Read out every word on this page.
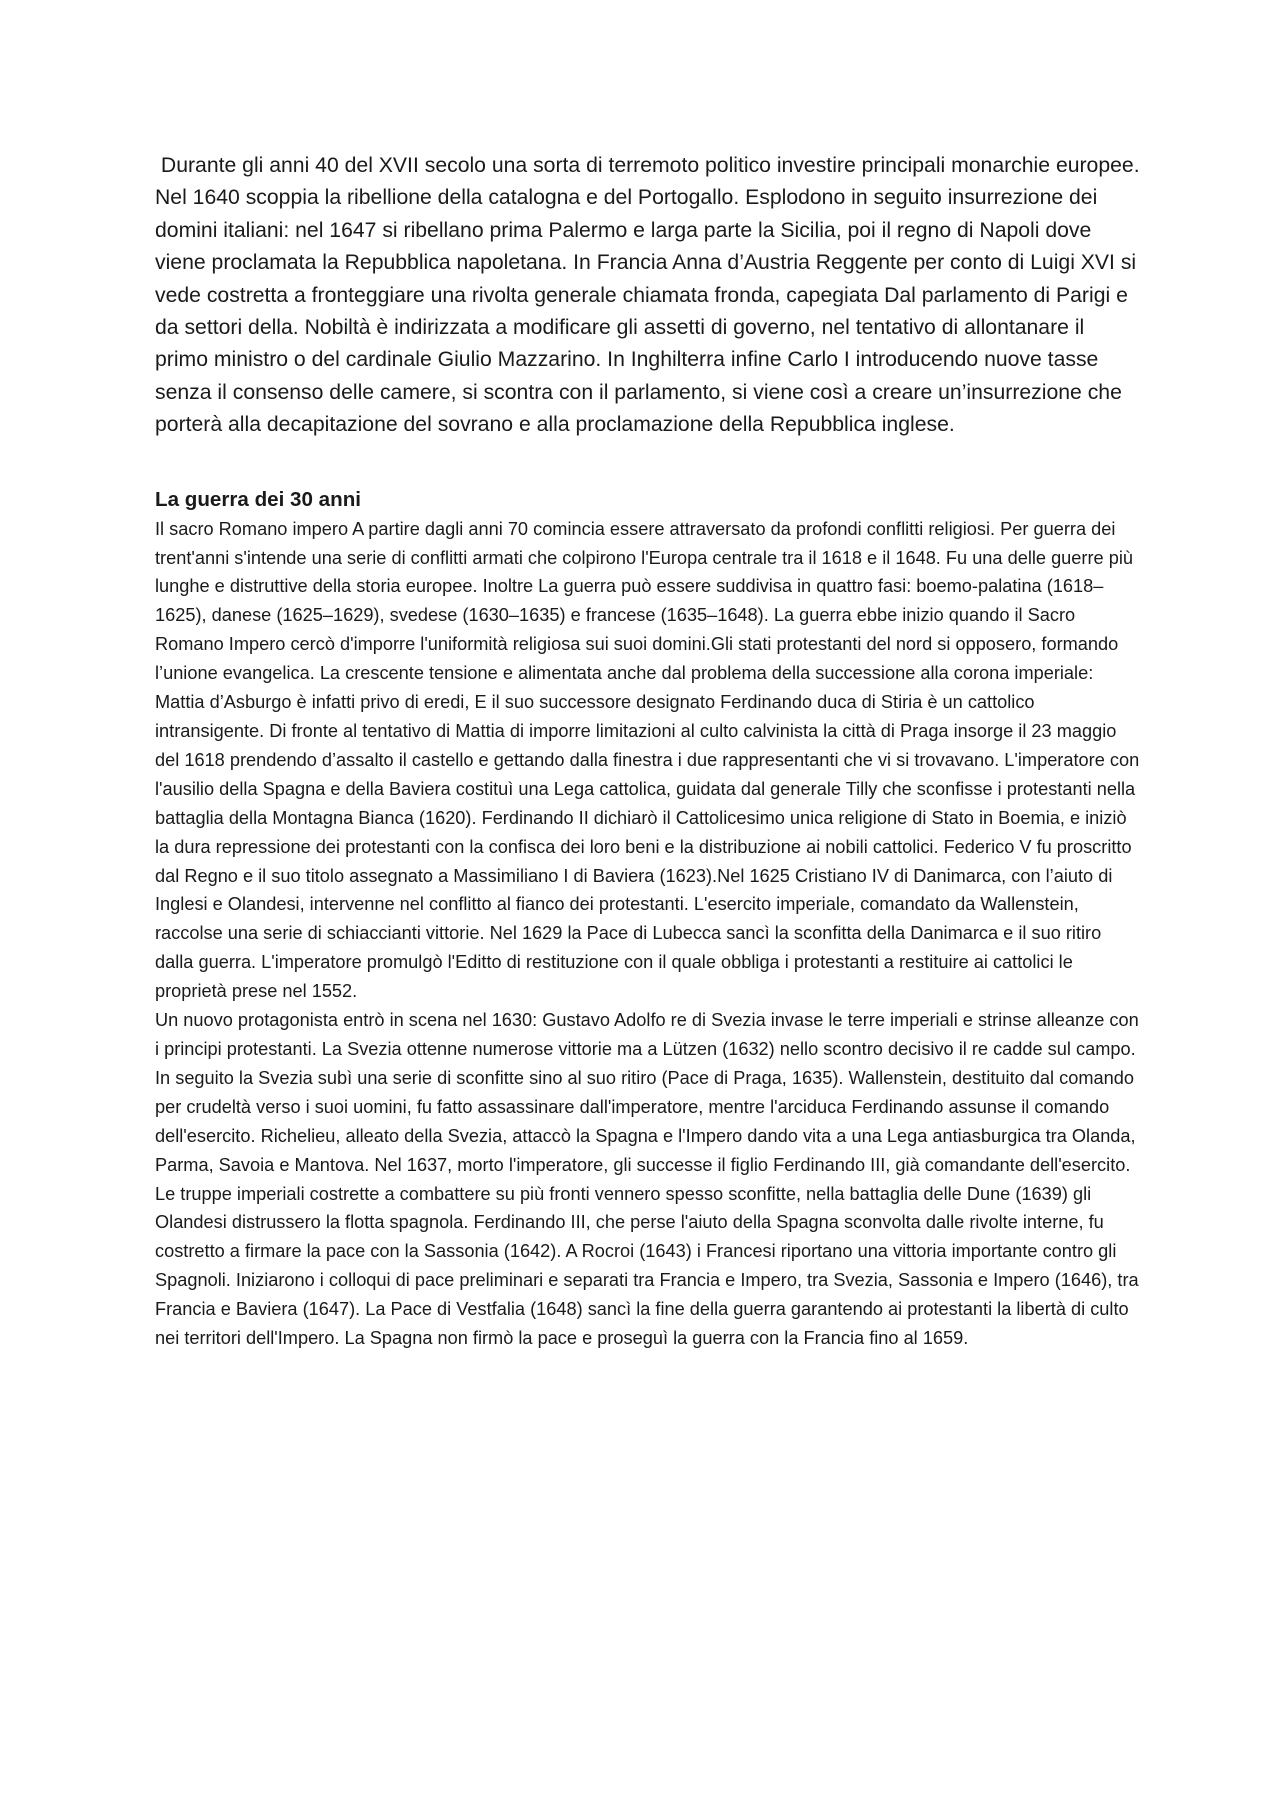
Durante gli anni 40 del XVII secolo una sorta di terremoto politico investire principali monarchie europee. Nel 1640 scoppia la ribellione della catalogna e del Portogallo. Esplodono in seguito insurrezione dei domini italiani: nel 1647 si ribellano prima Palermo e larga parte la Sicilia, poi il regno di Napoli dove viene proclamata la Repubblica napoletana. In Francia Anna d’Austria Reggente per conto di Luigi XVI si vede costretta a fronteggiare una rivolta generale chiamata fronda, capegiata Dal parlamento di Parigi e da settori della. Nobiltà è indirizzata a modificare gli assetti di governo, nel tentativo di allontanare il primo ministro o del cardinale Giulio Mazzarino. In Inghilterra infine Carlo I introducendo nuove tasse senza il consenso delle camere, si scontra con il parlamento, si viene così a creare un’insurrezione che porterà alla decapitazione del sovrano e alla proclamazione della Repubblica inglese.

La guerra dei 30 anni

Il sacro Romano impero A partire dagli anni 70 comincia essere attraversato da profondi conflitti religiosi. Per guerra dei trent'anni s'intende una serie di conflitti armati che colpirono l'Europa centrale tra il 1618 e il 1648. Fu una delle guerre più lunghe e distruttive della storia europee. Inoltre La guerra può essere suddivisa in quattro fasi: boemo-palatina (1618–1625), danese (1625–1629), svedese (1630–1635) e francese (1635–1648). La guerra ebbe inizio quando il Sacro Romano Impero cercò d'imporre l'uniformità religiosa sui suoi domini.Gli stati protestanti del nord si opposero, formando l’unione evangelica. La crescente tensione e alimentata anche dal problema della successione alla corona imperiale: Mattia d’Asburgo è infatti privo di eredi, E il suo successore designato Ferdinando duca di Stiria è un cattolico intransigente. Di fronte al tentativo di Mattia di imporre limitazioni al culto calvinista la città di Praga insorge il 23 maggio del 1618 prendendo d’assalto il castello e gettando dalla finestra i due rappresentanti che vi si trovavano. L'imperatore con l'ausilio della Spagna e della Baviera costituì una Lega cattolica, guidata dal generale Tilly che sconfisse i protestanti nella battaglia della Montagna Bianca (1620). Ferdinando II dichiarò il Cattolicesimo unica religione di Stato in Boemia, e iniziò la dura repressione dei protestanti con la confisca dei loro beni e la distribuzione ai nobili cattolici. Federico V fu proscritto dal Regno e il suo titolo assegnato a Massimiliano I di Baviera (1623).Nel 1625 Cristiano IV di Danimarca, con l’aiuto di Inglesi e Olandesi, intervenne nel conflitto al fianco dei protestanti. L'esercito imperiale, comandato da Wallenstein, raccolse una serie di schiaccianti vittorie. Nel 1629 la Pace di Lubecca sancì la sconfitta della Danimarca e il suo ritiro dalla guerra. L'imperatore promulgò l'Editto di restituzione con il quale obbliga i protestanti a restituire ai cattolici le proprietà prese nel 1552.

Un nuovo protagonista entrò in scena nel 1630: Gustavo Adolfo re di Svezia invase le terre imperiali e strinse alleanze con i principi protestanti. La Svezia ottenne numerose vittorie ma a Lützen (1632) nello scontro decisivo il re cadde sul campo. In seguito la Svezia subì una serie di sconfitte sino al suo ritiro (Pace di Praga, 1635). Wallenstein, destituito dal comando per crudeltà verso i suoi uomini, fu fatto assassinare dall'imperatore, mentre l'arciduca Ferdinando assunse il comando dell'esercito. Richelieu, alleato della Svezia, attaccò la Spagna e l'Impero dando vita a una Lega antiasburgica tra Olanda, Parma, Savoia e Mantova. Nel 1637, morto l'imperatore, gli successe il figlio Ferdinando III, già comandante dell'esercito. Le truppe imperiali costrette a combattere su più fronti vennero spesso sconfitte, nella battaglia delle Dune (1639) gli Olandesi distrussero la flotta spagnola. Ferdinando III, che perse l'aiuto della Spagna sconvolta dalle rivolte interne, fu costretto a firmare la pace con la Sassonia (1642). A Rocroi (1643) i Francesi riportano una vittoria importante contro gli Spagnoli. Iniziarono i colloqui di pace preliminari e separati tra Francia e Impero, tra Svezia, Sassonia e Impero (1646), tra Francia e Baviera (1647). La Pace di Vestfalia (1648) sancì la fine della guerra garantendo ai protestanti la libertà di culto nei territori dell'Impero. La Spagna non firmò la pace e proseguì la guerra con la Francia fino al 1659.
